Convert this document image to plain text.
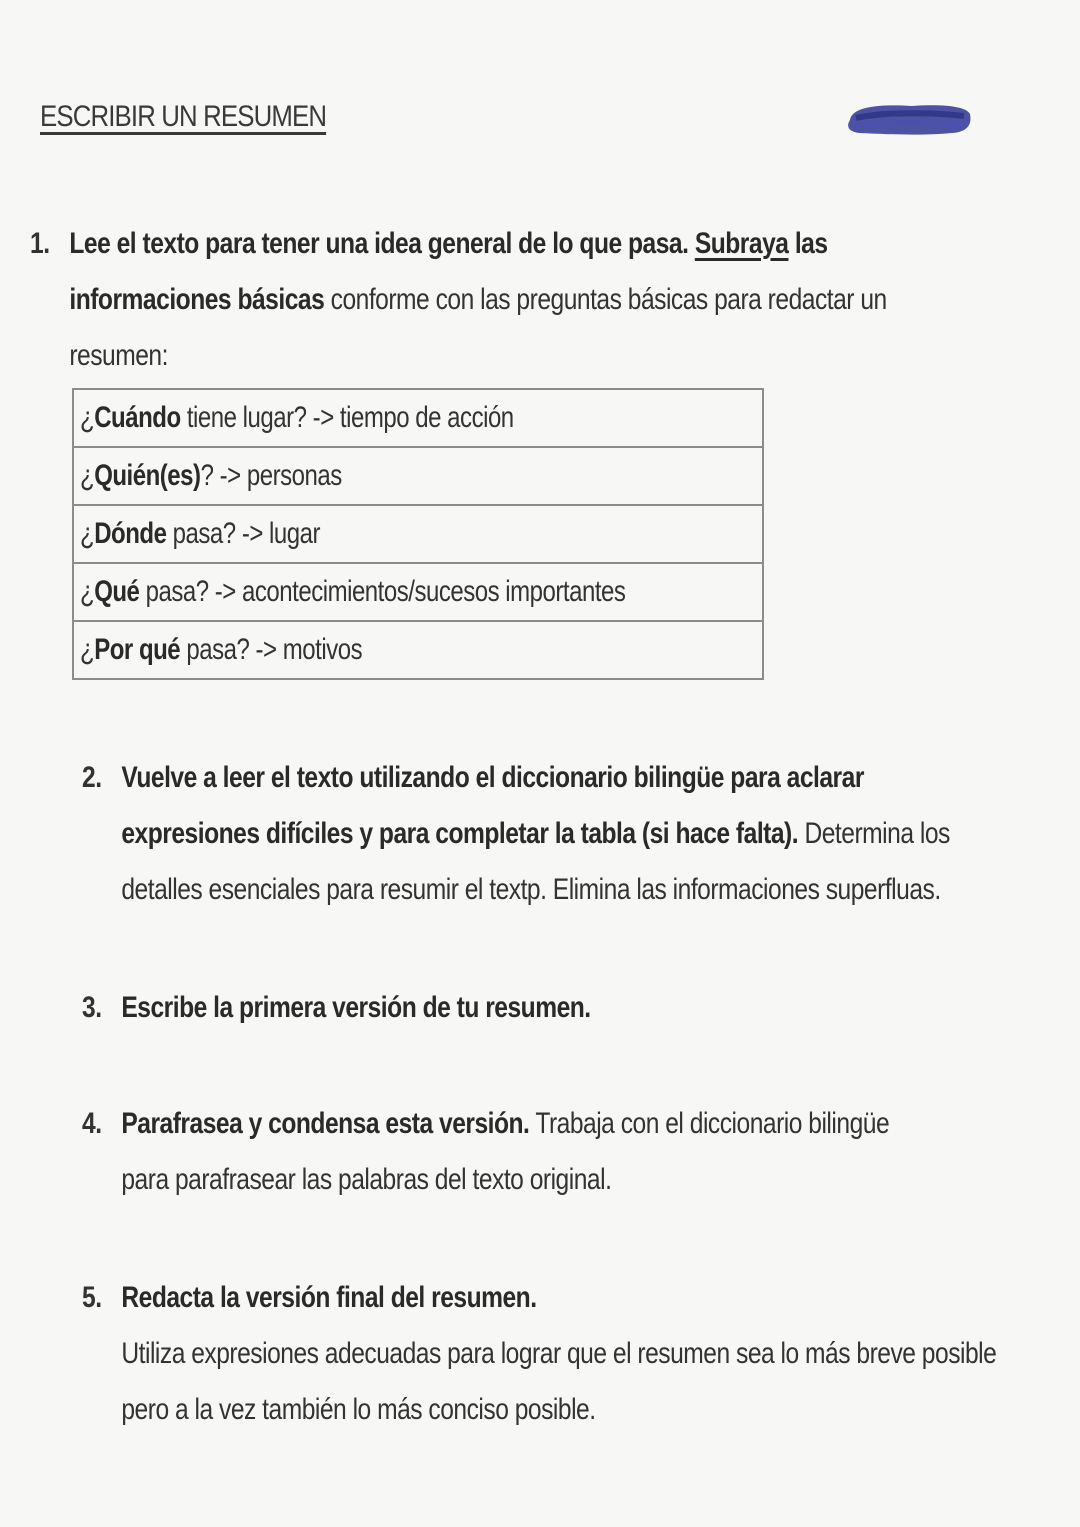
ESCRIBIR UN RESUMEN
1. Lee el texto para tener una idea general de lo que pasa. Subraya las informaciones básicas conforme con las preguntas básicas para redactar un resumen:
¿Cuándo tiene lugar? -> tiempo de acción
¿Quién(es)? -> personas
¿Dónde pasa? -> lugar
¿Qué pasa? -> acontecimientos/sucesos importantes
¿Por qué pasa? -> motivos
2. Vuelve a leer el texto utilizando el diccionario bilingüe para aclarar expresiones difíciles y para completar la tabla (si hace falta). Determina los detalles esenciales para resumir el textp. Elimina las informaciones superfluas.
3. Escribe la primera versión de tu resumen.
4. Parafrasea y condensa esta versión. Trabaja con el diccionario bilingüe para parafrasear las palabras del texto original.
5. Redacta la versión final del resumen.
Utiliza expresiones adecuadas para lograr que el resumen sea lo más breve posible pero a la vez también lo más conciso posible.
